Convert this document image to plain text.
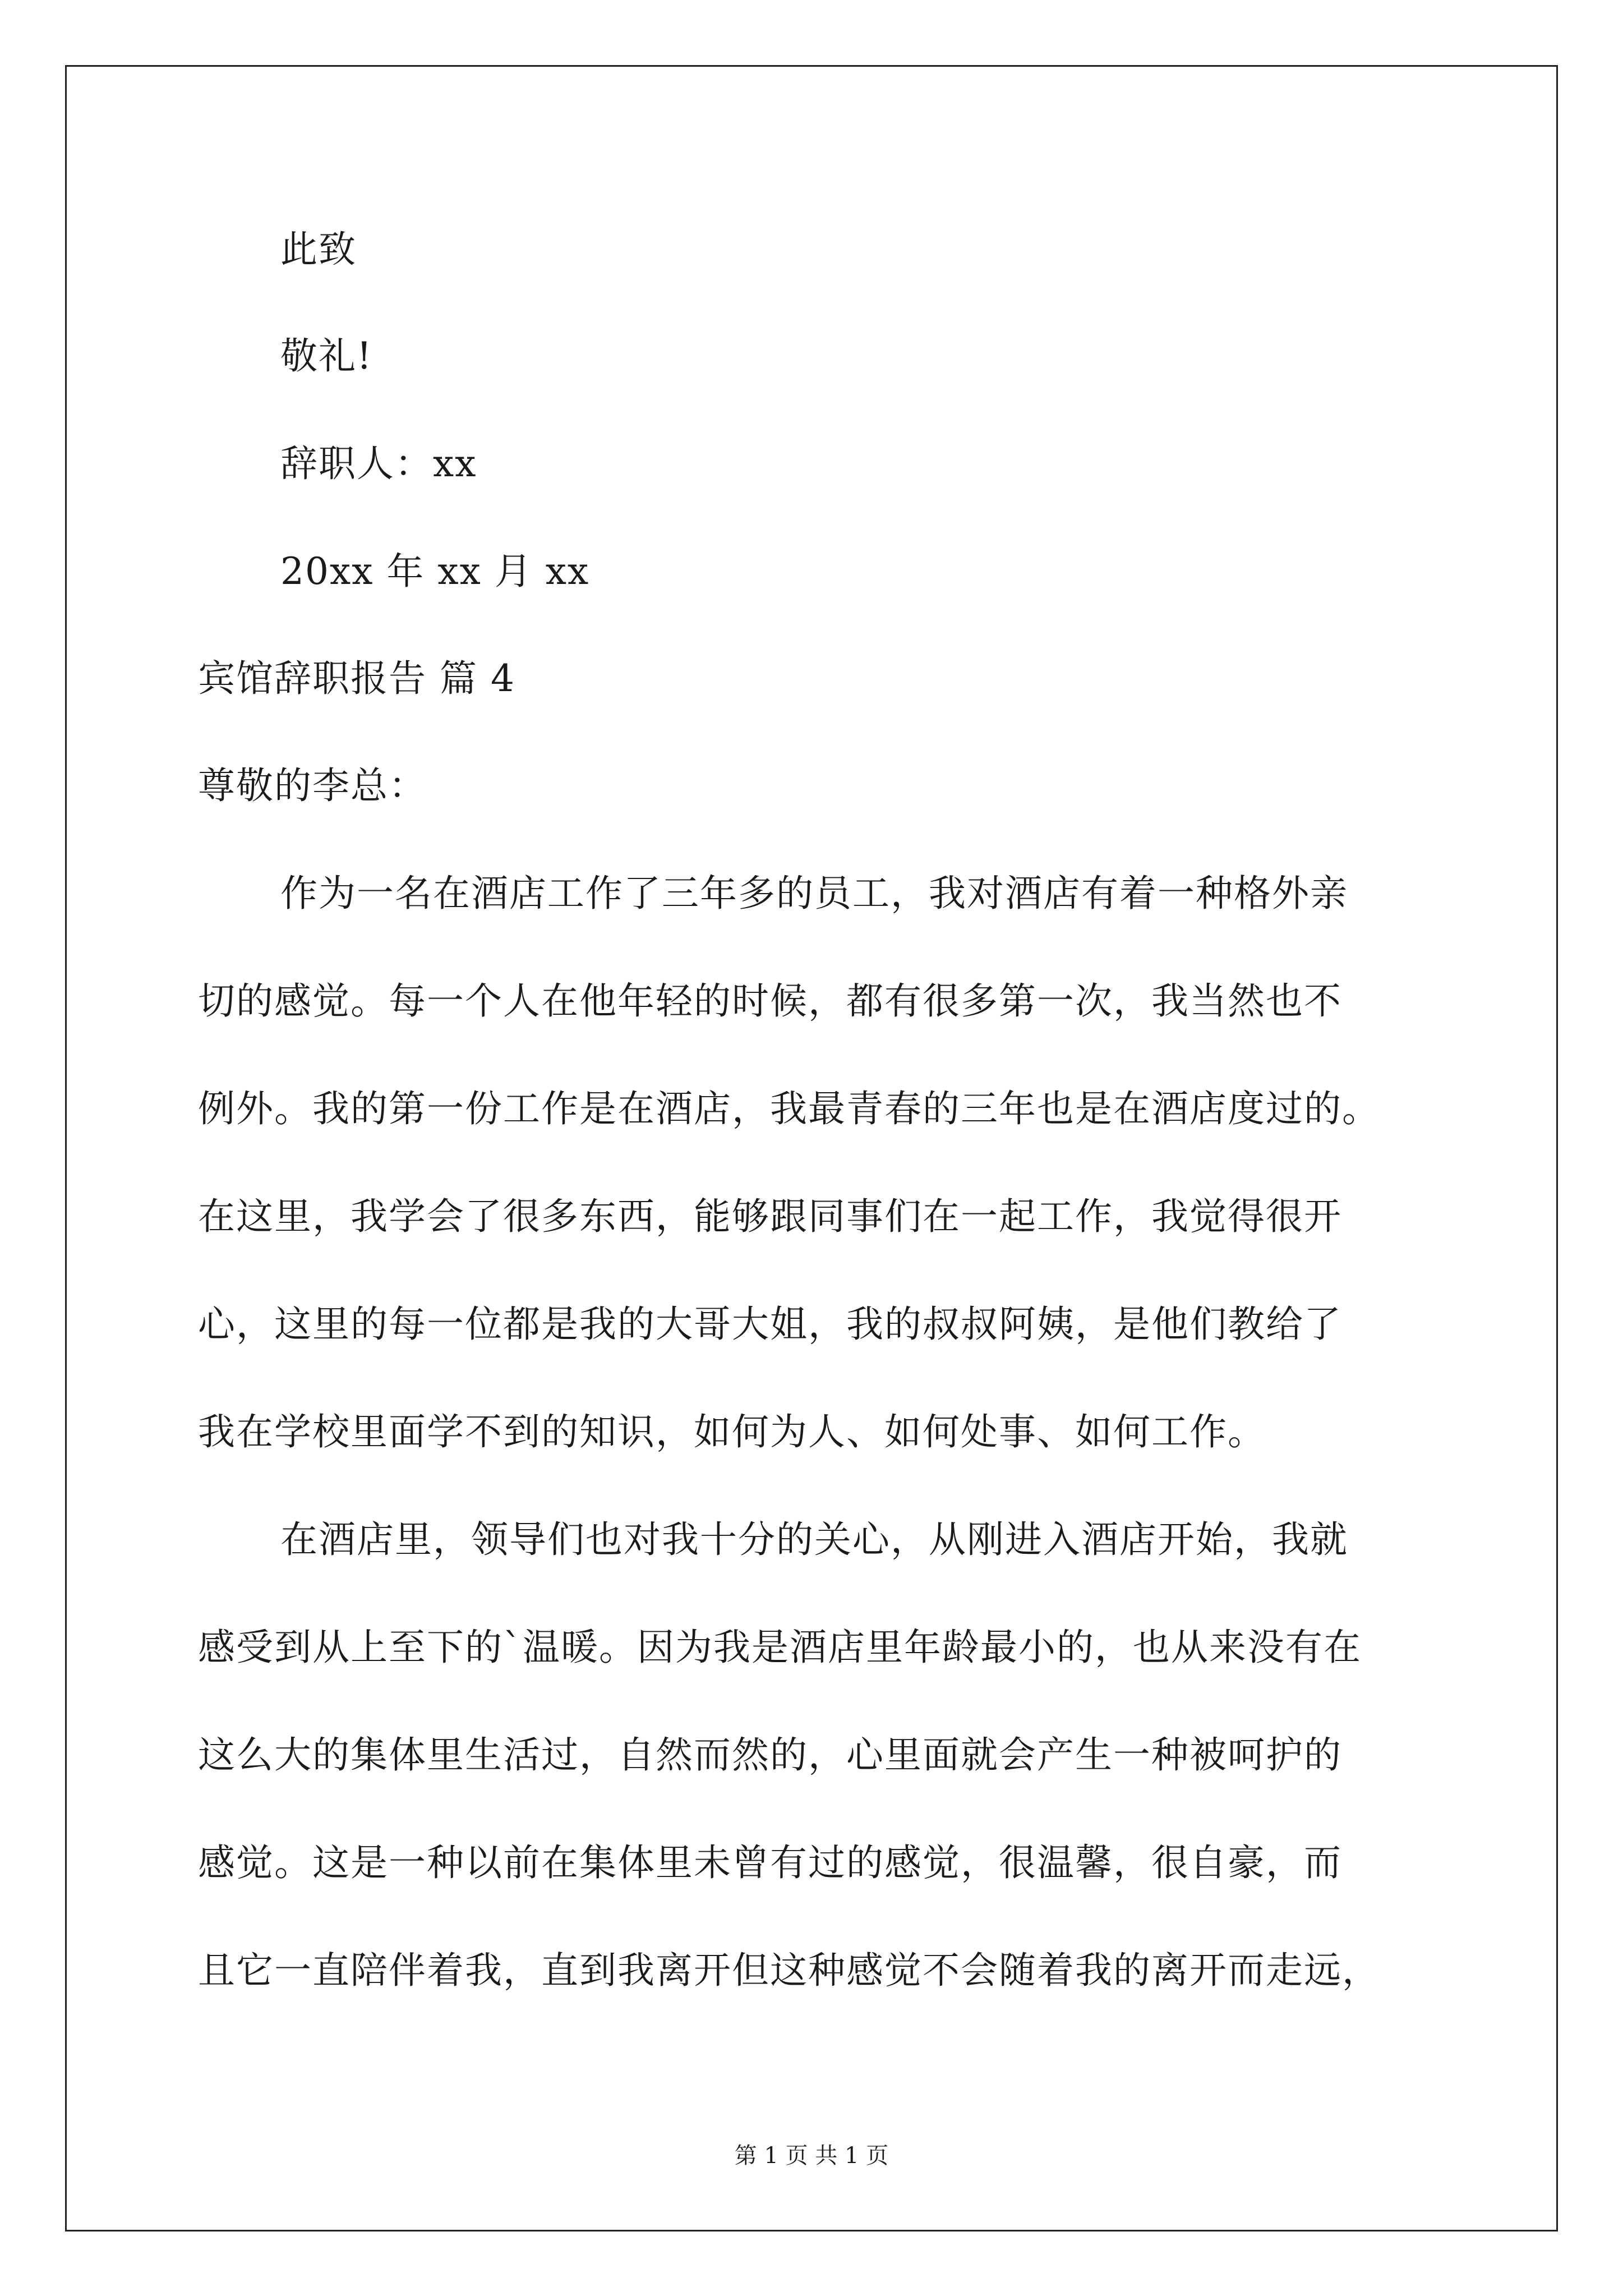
此致
敬礼!
辞职人：xx
20xx 年 xx 月 xx
宾馆辞职报告 篇 4
尊敬的李总：
作为一名在酒店工作了三年多的员工，我对酒店有着一种格外亲
切的感觉。每一个人在他年轻的时候，都有很多第一次，我当然也不
例外。我的第一份工作是在酒店，我最青春的三年也是在酒店度过的。
在这里，我学会了很多东西，能够跟同事们在一起工作，我觉得很开
心，这里的每一位都是我的大哥大姐，我的叔叔阿姨，是他们教给了
我在学校里面学不到的知识，如何为人、如何处事、如何工作。
在酒店里，领导们也对我十分的关心，从刚进入酒店开始，我就
感受到从上至下的`温暖。因为我是酒店里年龄最小的，也从来没有在
这么大的集体里生活过，自然而然的，心里面就会产生一种被呵护的
感觉。这是一种以前在集体里未曾有过的感觉，很温馨，很自豪，而
且它一直陪伴着我，直到我离开但这种感觉不会随着我的离开而走远，
第 1 页 共 1 页
